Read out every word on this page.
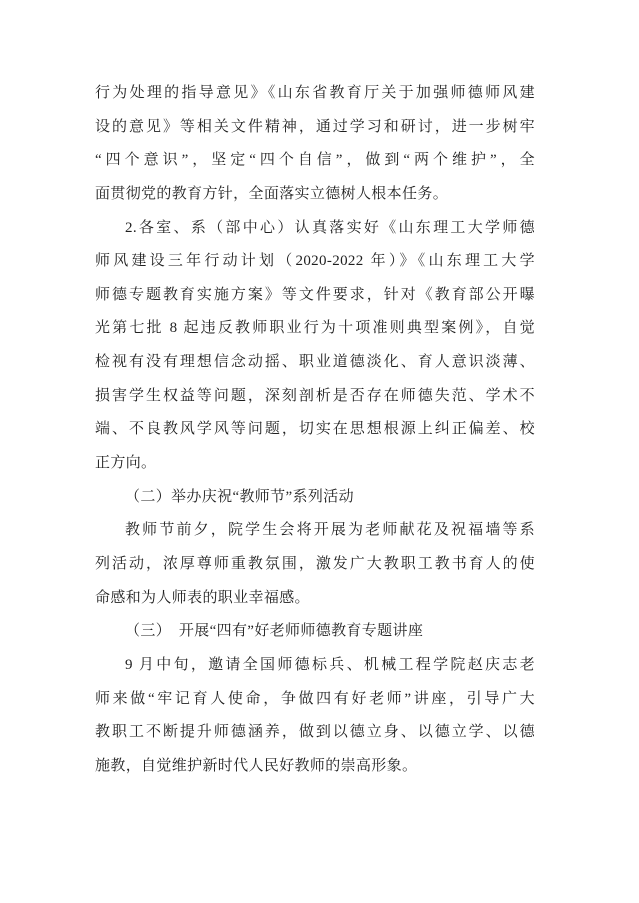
行为处理的指导意见》《山东省教育厅关于加强师德师风建
设的意见》等相关文件精神，通过学习和研讨，进一步树牢
“四个意识”，坚定“四个自信”，做到“两个维护”，全
面贯彻党的教育方针，全面落实立德树人根本任务。
2.各室、系（部中心）认真落实好《山东理工大学师德
师风建设三年行动计划（2020-2022 年）》《山东理工大学
师德专题教育实施方案》等文件要求，针对《教育部公开曝
光第七批 8 起违反教师职业行为十项准则典型案例》，自觉
检视有没有理想信念动摇、职业道德淡化、育人意识淡薄、
损害学生权益等问题，深刻剖析是否存在师德失范、学术不
端、不良教风学风等问题，切实在思想根源上纠正偏差、校
正方向。
（二）举办庆祝“教师节”系列活动
教师节前夕，院学生会将开展为老师献花及祝福墙等系
列活动，浓厚尊师重教氛围，激发广大教职工教书育人的使
命感和为人师表的职业幸福感。
（三）　开展“四有”好老师师德教育专题讲座
9 月中旬，邀请全国师德标兵、机械工程学院赵庆志老
师来做“牢记育人使命，争做四有好老师”讲座，引导广大
教职工不断提升师德涵养，做到以德立身、以德立学、以德
施教，自觉维护新时代人民好教师的崇高形象。
